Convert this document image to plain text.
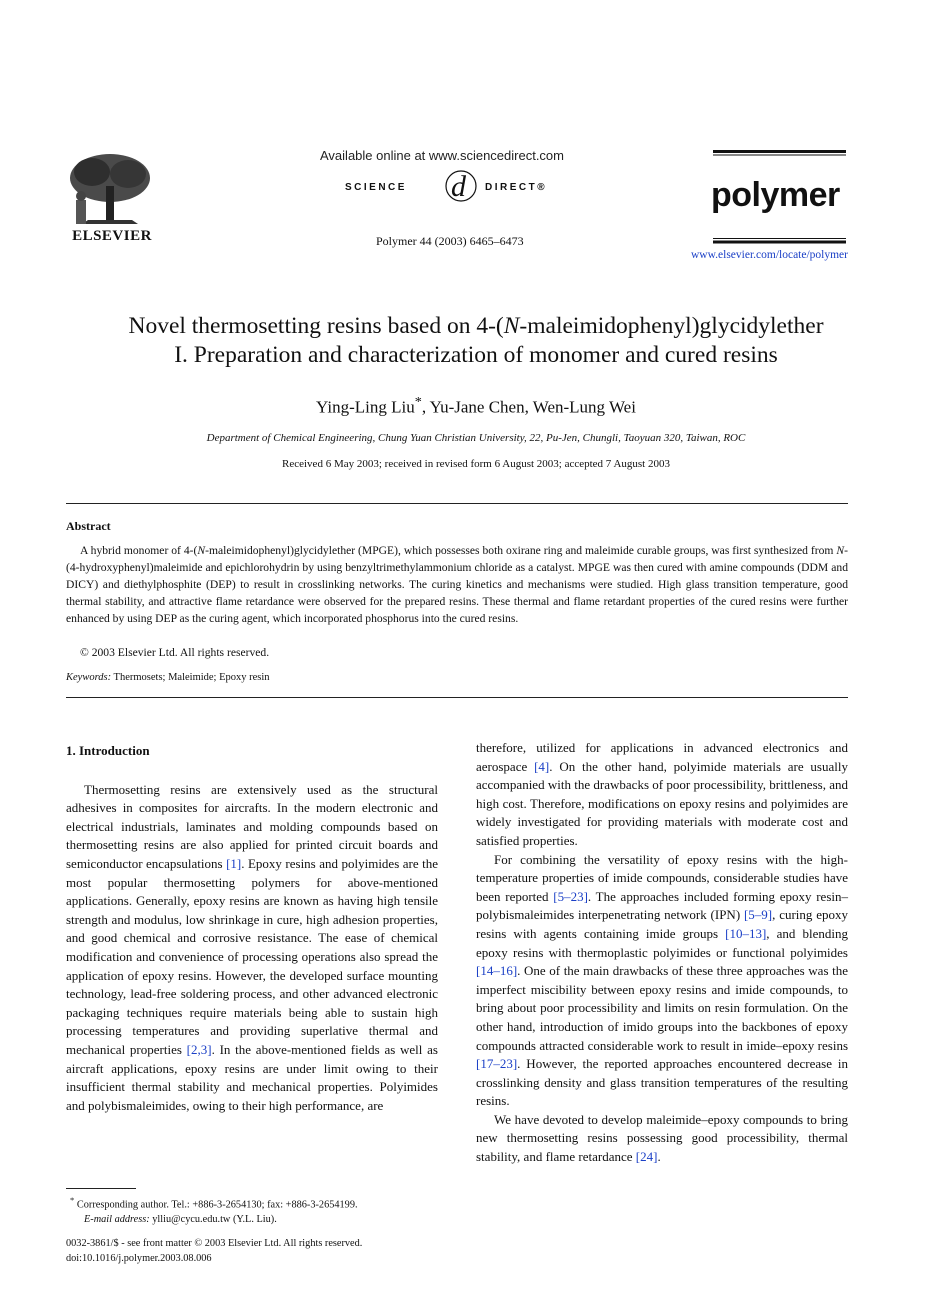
ELSEVIER
Available online at www.sciencedirect.com
SCIENCE d DIRECT®
Polymer 44 (2003) 6465–6473
polymer
www.elsevier.com/locate/polymer
Novel thermosetting resins based on 4-(N-maleimidophenyl)glycidylether
I. Preparation and characterization of monomer and cured resins
Ying-Ling Liu*, Yu-Jane Chen, Wen-Lung Wei
Department of Chemical Engineering, Chung Yuan Christian University, 22, Pu-Jen, Chungli, Taoyuan 320, Taiwan, ROC
Received 6 May 2003; received in revised form 6 August 2003; accepted 7 August 2003
Abstract

A hybrid monomer of 4-(N-maleimidophenyl)glycidylether (MPGE), which possesses both oxirane ring and maleimide curable groups, was first synthesized from N-(4-hydroxyphenyl)maleimide and epichlorohydrin by using benzyltrimethylammonium chloride as a catalyst. MPGE was then cured with amine compounds (DDM and DICY) and diethylphosphite (DEP) to result in crosslinking networks. The curing kinetics and mechanisms were studied. High glass transition temperature, good thermal stability, and attractive flame retardance were observed for the prepared resins. These thermal and flame retardant properties of the cured resins were further enhanced by using DEP as the curing agent, which incorporated phosphorus into the cured resins.

© 2003 Elsevier Ltd. All rights reserved.
Keywords: Thermosets; Maleimide; Epoxy resin
1. Introduction

Thermosetting resins are extensively used as the structural adhesives in composites for aircrafts. In the modern electronic and electrical industrials, laminates and molding compounds based on thermosetting resins are also applied for printed circuit boards and semiconductor encapsulations [1]. Epoxy resins and polyimides are the most popular thermosetting polymers for above-mentioned applications. Generally, epoxy resins are known as having high tensile strength and modulus, low shrinkage in cure, high adhesion properties, and good chemical and corrosive resistance. The ease of chemical modification and convenience of processing operations also spread the application of epoxy resins. However, the developed surface mounting technology, lead-free soldering process, and other advanced electronic packaging techniques require materials being able to sustain high processing temperatures and providing superlative thermal and mechanical properties [2,3]. In the above-mentioned fields as well as aircraft applications, epoxy resins are under limit owing to their insufficient thermal stability and mechanical properties. Polyimides and polybismaleimides, owing to their high performance, are

therefore, utilized for applications in advanced electronics and aerospace [4]. On the other hand, polyimide materials are usually accompanied with the drawbacks of poor processibility, brittleness, and high cost. Therefore, modifications on epoxy resins and polyimides are widely investigated for providing materials with moderate cost and satisfied properties.

For combining the versatility of epoxy resins with the high-temperature properties of imide compounds, considerable studies have been reported [5–23]. The approaches included forming epoxy resin–polybismaleimides interpenetrating network (IPN) [5–9], curing epoxy resins with agents containing imide groups [10–13], and blending epoxy resins with thermoplastic polyimides or functional polyimides [14–16]. One of the main drawbacks of these three approaches was the imperfect miscibility between epoxy resins and imide compounds, to bring about poor processibility and limits on resin formulation. On the other hand, introduction of imido groups into the backbones of epoxy compounds attracted considerable work to result in imide–epoxy resins [17–23]. However, the reported approaches encountered decrease in crosslinking density and glass transition temperatures of the resulting resins.

We have devoted to develop maleimide–epoxy compounds to bring new thermosetting resins possessing good processibility, thermal stability, and flame retardance [24].

* Corresponding author. Tel.: +886-3-2654130; fax: +886-3-2654199.
E-mail address: ylliu@cycu.edu.tw (Y.L. Liu).
0032-3861/$ - see front matter © 2003 Elsevier Ltd. All rights reserved.
doi:10.1016/j.polymer.2003.08.006
